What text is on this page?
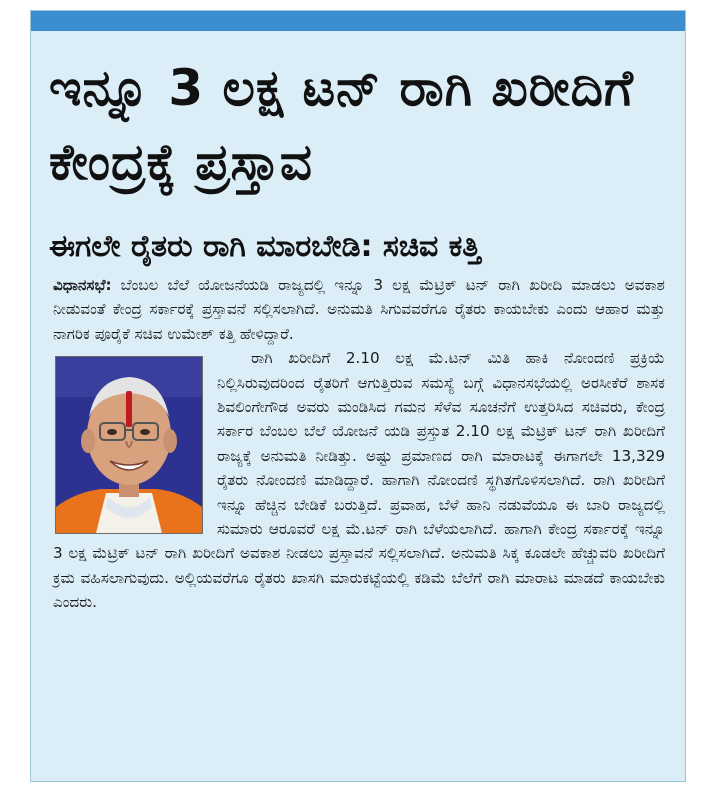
ಇನ್ನೂ 3 ಲಕ್ಷ ಟನ್ ರಾಗಿ ಖರೀದಿಗೆ ಕೇಂದ್ರಕ್ಕೆ ಪ್ರಸ್ತಾವ
ಈಗಲೇ ರೈತರು ರಾಗಿ ಮಾರಬೇಡಿ: ಸಚಿವ ಕತ್ತಿ

ವಿಧಾನಸಭೆ: ಬೆಂಬಲ ಬೆಲೆ ಯೋಜನೆಯಡಿ ರಾಜ್ಯದಲ್ಲಿ ಇನ್ನೂ 3 ಲಕ್ಷ ಮೆಟ್ರಿಕ್ ಟನ್ ರಾಗಿ ಖರೀದಿ ಮಾಡಲು ಅವಕಾಶ ನೀಡುವಂತೆ ಕೇಂದ್ರ ಸರ್ಕಾರಕ್ಕೆ ಪ್ರಸ್ತಾವನೆ ಸಲ್ಲಿಸಲಾಗಿದೆ. ಅನುಮತಿ ಸಿಗುವವರೆಗೂ ರೈತರು ಕಾಯಬೇಕು ಎಂದು ಆಹಾರ ಮತ್ತು ನಾಗರಿಕ ಪೂರೈಕೆ ಸಚಿವ ಉಮೇಶ್ ಕತ್ತಿ ಹೇಳಿದ್ದಾರೆ.

ರಾಗಿ ಖರೀದಿಗೆ 2.10 ಲಕ್ಷ ಮೆ.ಟನ್ ಮಿತಿ ಹಾಕಿ ನೋಂದಣಿ ಪ್ರಕ್ರಿಯೆ ನಿಲ್ಲಿಸಿರುವುದರಿಂದ ರೈತರಿಗೆ ಆಗುತ್ತಿರುವ ಸಮಸ್ಯೆ ಬಗ್ಗೆ ವಿಧಾನಸಭೆಯಲ್ಲಿ ಅರಸೀಕೆರೆ ಶಾಸಕ ಶಿವಲಿಂಗೇಗೌಡ ಅವರು ಮಂಡಿಸಿದ ಗಮನ ಸೆಳೆವ ಸೂಚನೆಗೆ ಉತ್ತರಿಸಿದ ಸಚಿವರು, ಕೇಂದ್ರ ಸರ್ಕಾರ ಬೆಂಬಲ ಬೆಲೆ ಯೋಜನೆ ಯಡಿ ಪ್ರಸ್ತುತ 2.10 ಲಕ್ಷ ಮೆಟ್ರಿಕ್ ಟನ್ ರಾಗಿ ಖರೀದಿಗೆ ರಾಜ್ಯಕ್ಕೆ ಅನುಮತಿ ನೀಡಿತ್ತು. ಅಷ್ಟು ಪ್ರಮಾಣದ ರಾಗಿ ಮಾರಾಟಕ್ಕೆ ಈಗಾಗಲೇ 13,329 ರೈತರು ನೋಂದಣಿ ಮಾಡಿದ್ದಾರೆ. ಹಾಗಾಗಿ ನೋಂದಣಿ ಸ್ಥಗಿತಗೊಳಿಸಲಾಗಿದೆ. ರಾಗಿ ಖರೀದಿಗೆ ಇನ್ನೂ ಹೆಚ್ಚಿನ ಬೇಡಿಕೆ ಬರುತ್ತಿದೆ. ಪ್ರವಾಹ, ಬೆಳೆ ಹಾನಿ ನಡುವೆಯೂ ಈ ಬಾರಿ ರಾಜ್ಯದಲ್ಲಿ ಸುಮಾರು ಆರೂವರೆ ಲಕ್ಷ ಮೆ.ಟನ್ ರಾಗಿ ಬೆಳೆಯಲಾಗಿದೆ. ಹಾಗಾಗಿ ಕೇಂದ್ರ ಸರ್ಕಾರಕ್ಕೆ ಇನ್ನೂ 3 ಲಕ್ಷ ಮೆಟ್ರಿಕ್ ಟನ್ ರಾಗಿ ಖರೀದಿಗೆ ಅವಕಾಶ ನೀಡಲು ಪ್ರಸ್ತಾವನೆ ಸಲ್ಲಿಸಲಾಗಿದೆ. ಅನುಮತಿ ಸಿಕ್ಕ ಕೂಡಲೇ ಹೆಚ್ಚುವರಿ ಖರೀದಿಗೆ ಕ್ರಮ ವಹಿಸಲಾಗುವುದು. ಅಲ್ಲಿಯವರೆಗೂ ರೈತರು ಖಾಸಗಿ ಮಾರುಕಟ್ಟೆಯಲ್ಲಿ ಕಡಿಮೆ ಬೆಲೆಗೆ ರಾಗಿ ಮಾರಾಟ ಮಾಡದೆ ಕಾಯಬೇಕು ಎಂದರು.
